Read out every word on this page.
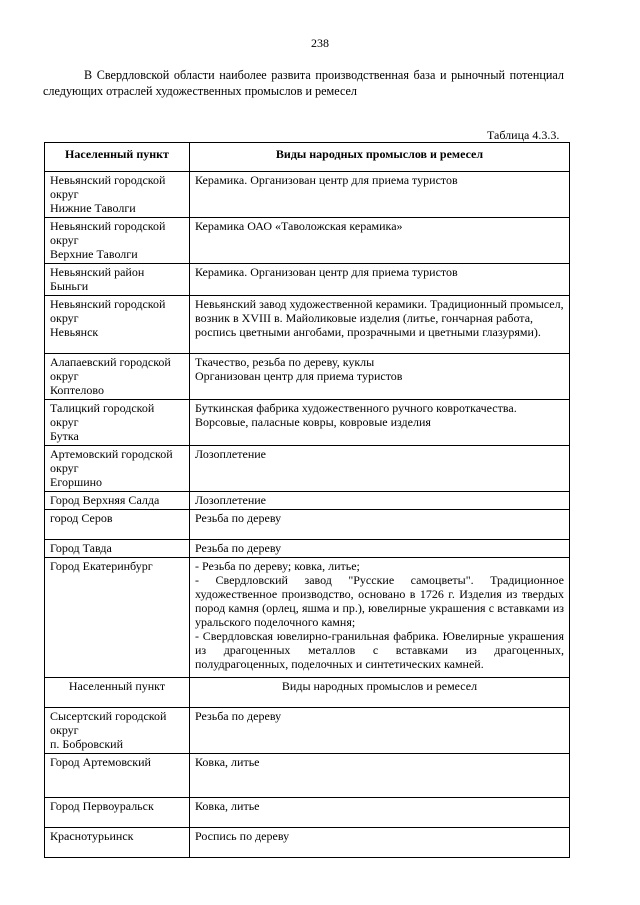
238
В Свердловской области наиболее развита производственная база и рыночный потенциал следующих отраслей художественных промыслов и ремесел
Таблица 4.3.3.
Населенный пункт	Виды народных промыслов и ремесел
Невьянский городской
округ
Нижние Таволги	Керамика. Организован центр для приема туристов
Невьянский городской
округ
Верхние Таволги	Керамика ОАО «Таволожская керамика»
Невьянский район
Быньги	Керамика. Организован центр для приема туристов
Невьянский городской
округ
Невьянск	Невьянский завод художественной керамики. Традиционный промысел, возник в XVIII в. Майоликовые изделия (литье, гончарная работа, роспись цветными ангобами, прозрачными и цветными глазурями).
Алапаевский городской
округ
Коптелово	Ткачество, резьба по дереву, куклы
Организован центр для приема туристов
Талицкий городской
округ
Бутка	Буткинская фабрика художественного ручного ковроткачества.
Ворсовые, паласные ковры, ковровые изделия
Артемовский городской
округ
Егоршино	Лозоплетение
Город Верхняя Салда	Лозоплетение
город Серов	Резьба по дереву
Город Тавда	Резьба по дереву
Город Екатеринбург	- Резьба по дереву; ковка, литье;
- Свердловский завод "Русские самоцветы". Традиционное художественное производство, основано в 1726 г. Изделия из твердых пород камня (орлец, яшма и пр.), ювелирные украшения с вставками из уральского поделочного камня;
- Свердловская ювелирно-гранильная фабрика. Ювелирные украшения из драгоценных металлов с вставками из драгоценных, полудрагоценных, поделочных и синтетических камней.
Населенный пункт	Виды народных промыслов и ремесел
Сысертский городской
округ
п. Бобровский	Резьба по дереву
Город Артемовский	Ковка, литье
Город Первоуральск	Ковка, литье
Краснотурьинск	Роспись по дереву
